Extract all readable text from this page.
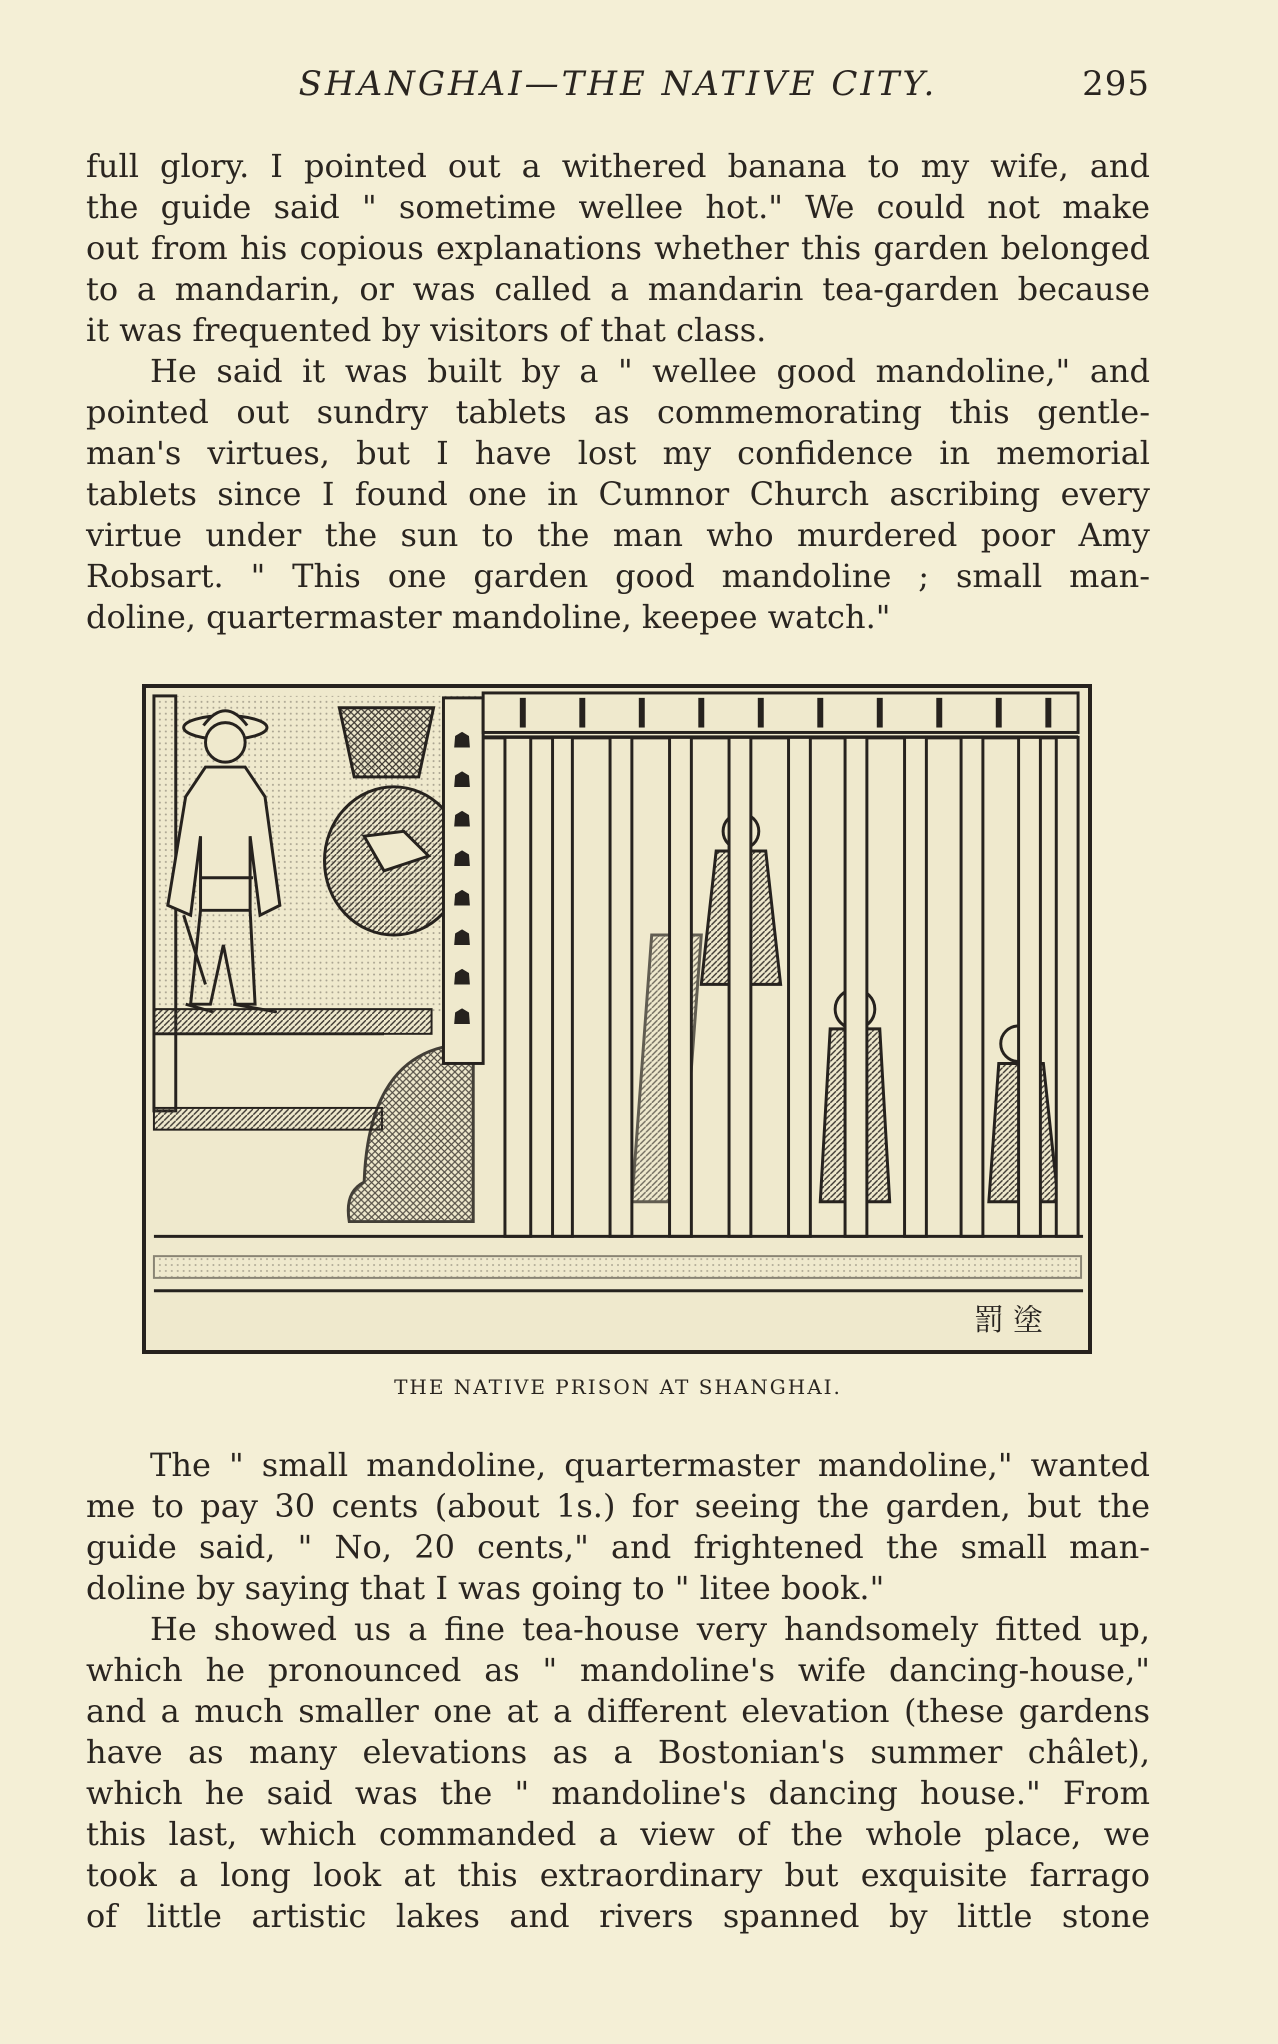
SHANGHAI—THE NATIVE CITY.	295
full glory. I pointed out a withered banana to my wife, and
the guide said " sometime wellee hot." We could not make
out from his copious explanations whether this garden belonged
to a mandarin, or was called a mandarin tea-garden because
it was frequented by visitors of that class.
He said it was built by a " wellee good mandoline," and
pointed out sundry tablets as commemorating this gentle-
man's virtues, but I have lost my confidence in memorial
tablets since I found one in Cumnor Church ascribing every
virtue under the sun to the man who murdered poor Amy
Robsart. " This one garden good mandoline ; small man-
doline, quartermaster mandoline, keepee watch."
☗
☗
☗
☗
☗
☗
☗
☗
罰 塗
THE NATIVE PRISON AT SHANGHAI.
The " small mandoline, quartermaster mandoline," wanted
me to pay 30 cents (about 1s.) for seeing the garden, but the
guide said, " No, 20 cents," and frightened the small man-
doline by saying that I was going to " litee book."
He showed us a fine tea-house very handsomely fitted up,
which he pronounced as " mandoline's wife dancing-house,"
and a much smaller one at a different elevation (these gardens
have as many elevations as a Bostonian's summer châlet),
which he said was the " mandoline's dancing house." From
this last, which commanded a view of the whole place, we
took a long look at this extraordinary but exquisite farrago
of little artistic lakes and rivers spanned by little stone
